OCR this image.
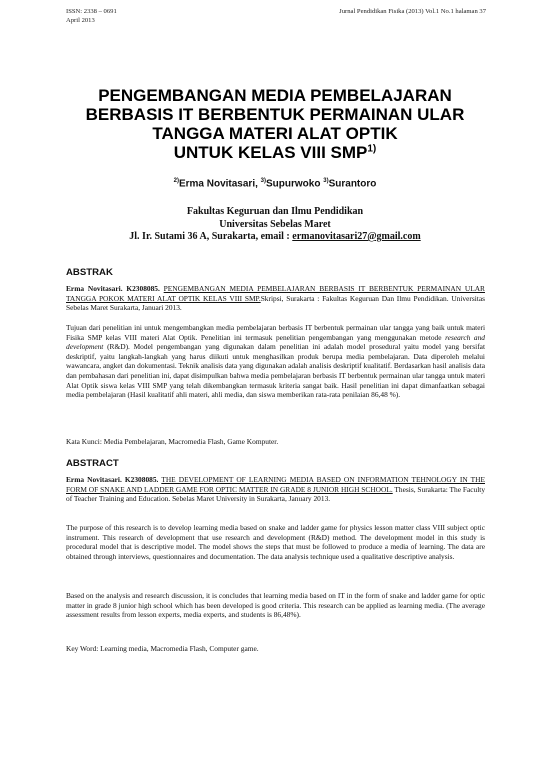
ISSN: 2338 – 0691
April 2013
Jurnal Pendidikan Fisika (2013) Vol.1 No.1 halaman 37
PENGEMBANGAN MEDIA PEMBELAJARAN
BERBASIS IT BERBENTUK PERMAINAN ULAR
TANGGA MATERI ALAT OPTIK
UNTUK KELAS VIII SMP$^{1)}$
$^{2)}$Erma Novitasari, $^{3)}$Supurwoko $^{3)}$Surantoro
Fakultas Keguruan dan Ilmu Pendidikan
Universitas Sebelas Maret
Jl. Ir. Sutami 36 A, Surakarta, email : ermanovitasari27@gmail.com
ABSTRAK

Erma Novitasari. K2308085. PENGEMBANGAN MEDIA PEMBELAJARAN BERBASIS IT BERBENTUK PERMAINAN ULAR TANGGA POKOK MATERI ALAT OPTIK KELAS VIII SMP.Skripsi, Surakarta : Fakultas Keguruan Dan Ilmu Pendidikan. Universitas Sebelas Maret Surakarta, Januari 2013.

Tujuan dari penelitian ini untuk mengembangkan media pembelajaran berbasis IT berbentuk permainan ular tangga yang baik untuk materi Fisika SMP kelas VIII materi Alat Optik. Penelitian ini termasuk penelitian pengembangan yang menggunakan metode research and development (R&D). Model pengembangan yang digunakan dalam penelitian ini adalah model prosedural yaitu model yang bersifat deskriptif, yaitu langkah-langkah yang harus diikuti untuk menghasilkan produk berupa media pembelajaran. Data diperoleh melalui wawancara, angket dan dokumentasi. Teknik analisis data yang digunakan adalah analisis deskriptif kualitatif. Berdasarkan hasil analisis data dan pembahasan dari penelitian ini, dapat disimpulkan bahwa media pembelajaran berbasis IT berbentuk permainan ular tangga untuk materi Alat Optik siswa kelas VIII SMP yang telah dikembangkan termasuk kriteria sangat baik. Hasil penelitian ini dapat dimanfaatkan sebagai media pembelajaran (Hasil kualitatif ahli materi, ahli media, dan siswa memberikan rata-rata penilaian 86,48 %).

Kata Kunci: Media Pembelajaran, Macromedia Flash, Game Komputer.

ABSTRACT

Erma Novitasari. K2308085. THE DEVELOPMENT OF LEARNING MEDIA BASED ON INFORMATION TEHNOLOGY IN THE FORM OF SNAKE AND LADDER GAME FOR OPTIC MATTER IN GRADE 8 JUNIOR HIGH SCHOOL. Thesis, Surakarta: The Faculty of Teacher Training and Education. Sebelas Maret University in Surakarta, January 2013.

The purpose of this research is to develop learning media based on snake and ladder game for physics lesson matter class VIII subject optic instrument. This research of development that use research and development (R&D) method. The development model in this study is procedural model that is descriptive model. The model shows the steps that must be followed to produce a media of learning. The data are obtained through interviews, questionnaires and documentation. The data analysis technique used a qualitative descriptive analysis.

Based on the analysis and research discussion, it is concludes that learning media based on IT in the form of snake and ladder game for optic matter in grade 8 junior high school which has been developed is good criteria. This research can be applied as learning media. (The average assessment results from lesson experts, media experts, and students is 86,48%).

Key Word: Learning media, Macromedia Flash, Computer game.
